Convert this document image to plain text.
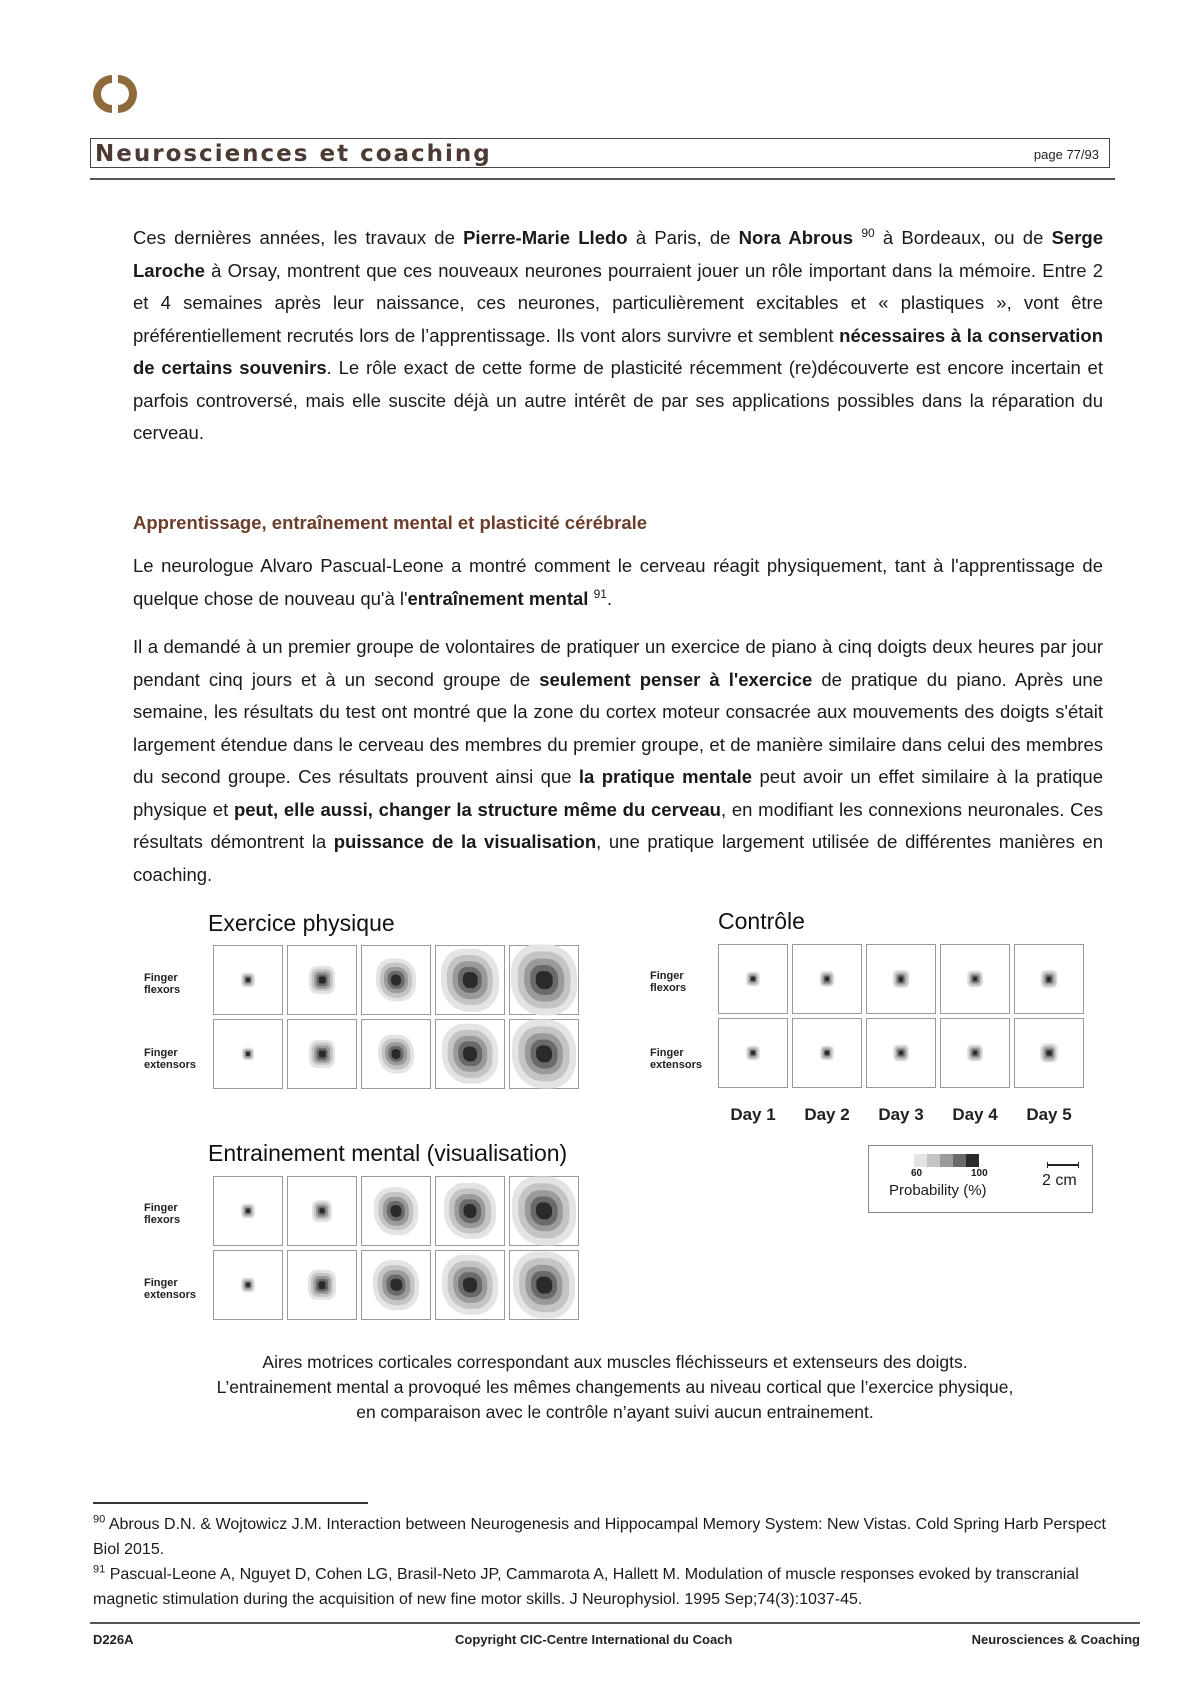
Neurosciences et coaching	page 77/93

Ces dernières années, les travaux de Pierre-Marie Lledo à Paris, de Nora Abrous $^{90}$ à Bordeaux, ou de Serge Laroche à Orsay, montrent que ces nouveaux neurones pourraient jouer un rôle important dans la mémoire. Entre 2 et 4 semaines après leur naissance, ces neurones, particulièrement excitables et « plastiques », vont être préférentiellement recrutés lors de l’apprentissage. Ils vont alors survivre et semblent nécessaires à la conservation de certains souvenirs. Le rôle exact de cette forme de plasticité récemment (re)découverte est encore incertain et parfois controversé, mais elle suscite déjà un autre intérêt de par ses applications possibles dans la réparation du cerveau.

Apprentissage, entraînement mental et plasticité cérébrale

Le neurologue Alvaro Pascual-Leone a montré comment le cerveau réagit physiquement, tant à l'apprentissage de quelque chose de nouveau qu'à l'entraînement mental $^{91}$.

Il a demandé à un premier groupe de volontaires de pratiquer un exercice de piano à cinq doigts deux heures par jour pendant cinq jours et à un second groupe de seulement penser à l'exercice de pratique du piano. Après une semaine, les résultats du test ont montré que la zone du cortex moteur consacrée aux mouvements des doigts s'était largement étendue dans le cerveau des membres du premier groupe, et de manière similaire dans celui des membres du second groupe. Ces résultats prouvent ainsi que la pratique mentale peut avoir un effet similaire à la pratique physique et peut, elle aussi, changer la structure même du cerveau, en modifiant les connexions neuronales. Ces résultats démontrent la puissance de la visualisation, une pratique largement utilisée de différentes manières en coaching.

Exercice physique
Finger flexors
Finger extensors
Contrôle
Finger flexors
Finger extensors
Day 1	Day 2	Day 3	Day 4	Day 5
60	100
Probability (%)
2 cm
Entrainement mental (visualisation)
Finger flexors
Finger extensors
Aires motrices corticales correspondant aux muscles fléchisseurs et extenseurs des doigts.
L’entrainement mental a provoqué les mêmes changements au niveau cortical que l’exercice physique,
en comparaison avec le contrôle n’ayant suivi aucun entrainement.

$^{90}$ Abrous D.N. & Wojtowicz J.M. Interaction between Neurogenesis and Hippocampal Memory System: New Vistas. Cold Spring Harb Perspect Biol 2015.

$^{91}$ Pascual-Leone A, Nguyet D, Cohen LG, Brasil-Neto JP, Cammarota A, Hallett M. Modulation of muscle responses evoked by transcranial magnetic stimulation during the acquisition of new fine motor skills. J Neurophysiol. 1995 Sep;74(3):1037-45.

D226A	Copyright CIC-Centre International du Coach	Neurosciences & Coaching
